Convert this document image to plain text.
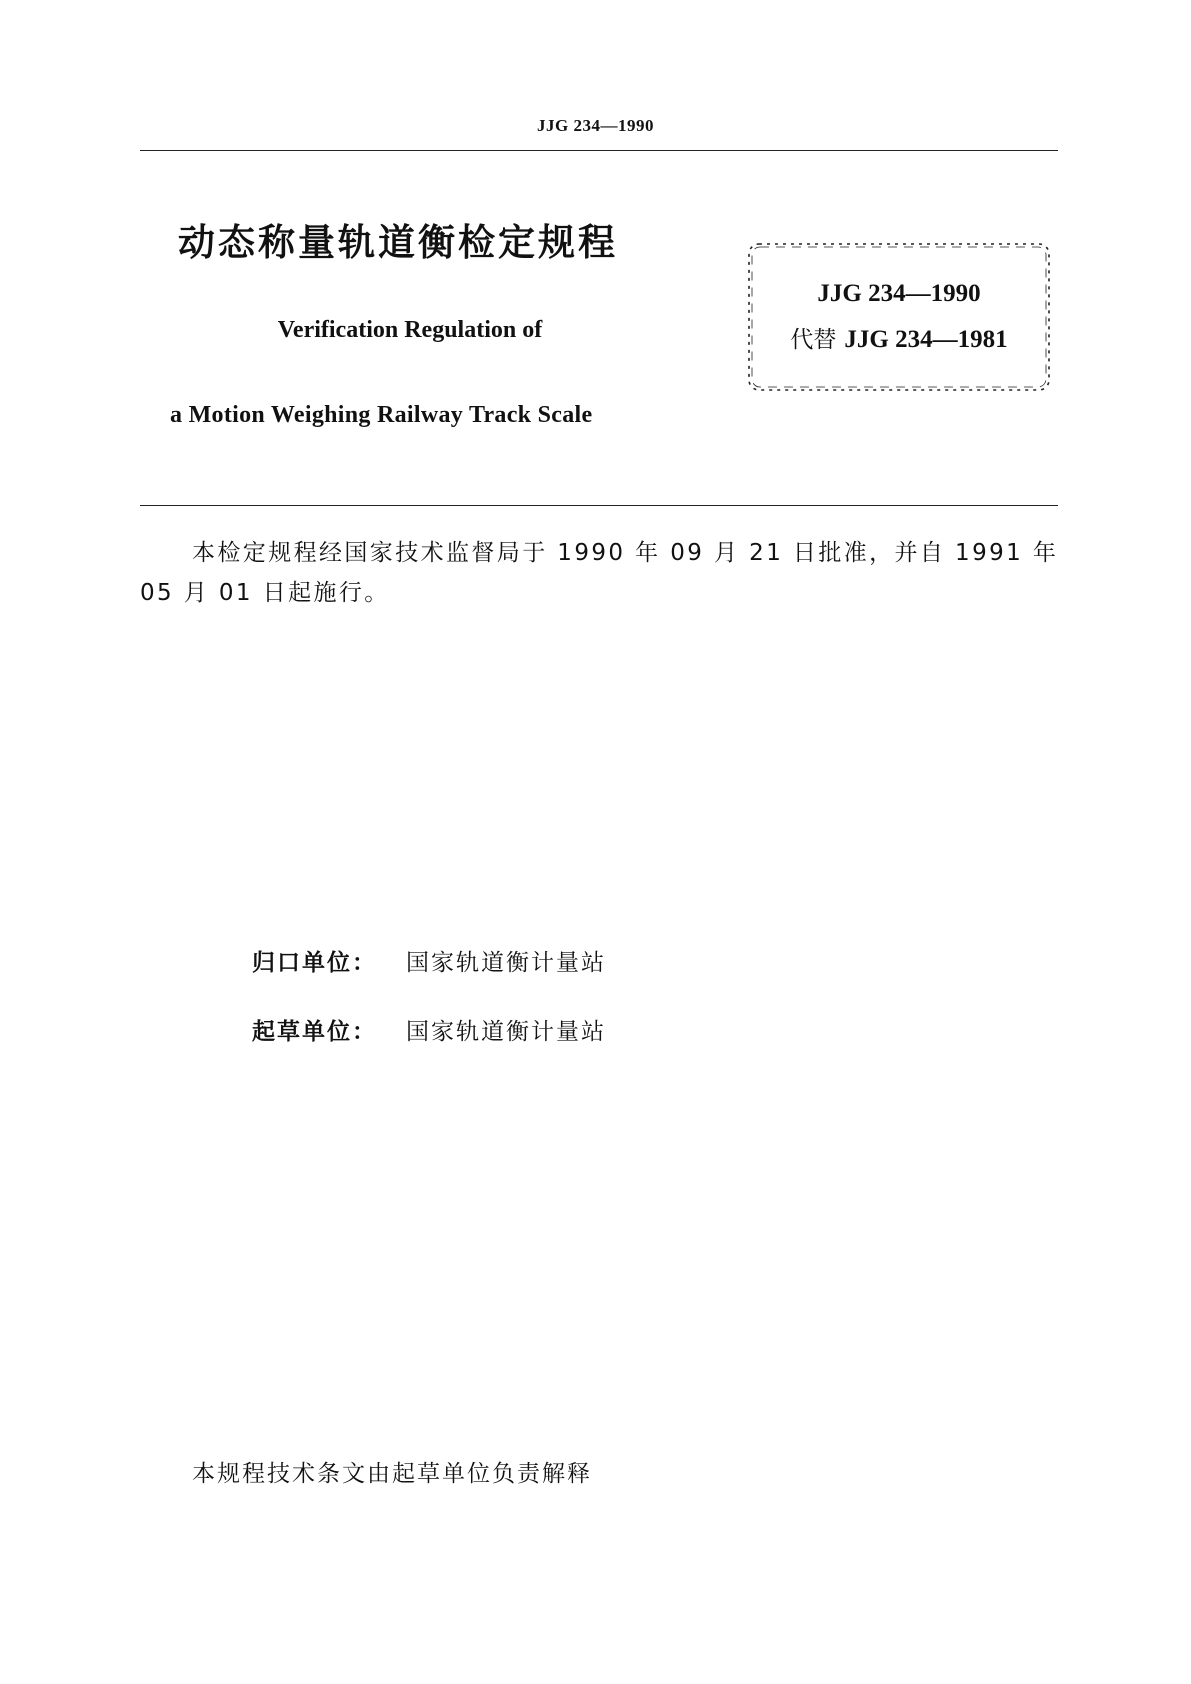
JJG 234—1990
动态称量轨道衡检定规程
Verification Regulation of
a Motion Weighing Railway Track Scale
JJG 234—1990
代替 JJG 234—1981
本检定规程经国家技术监督局于 1990 年 09 月 21 日批准，并自 1991 年 05 月 01 日起施行。
归口单位： 国家轨道衡计量站
起草单位： 国家轨道衡计量站
本规程技术条文由起草单位负责解释
